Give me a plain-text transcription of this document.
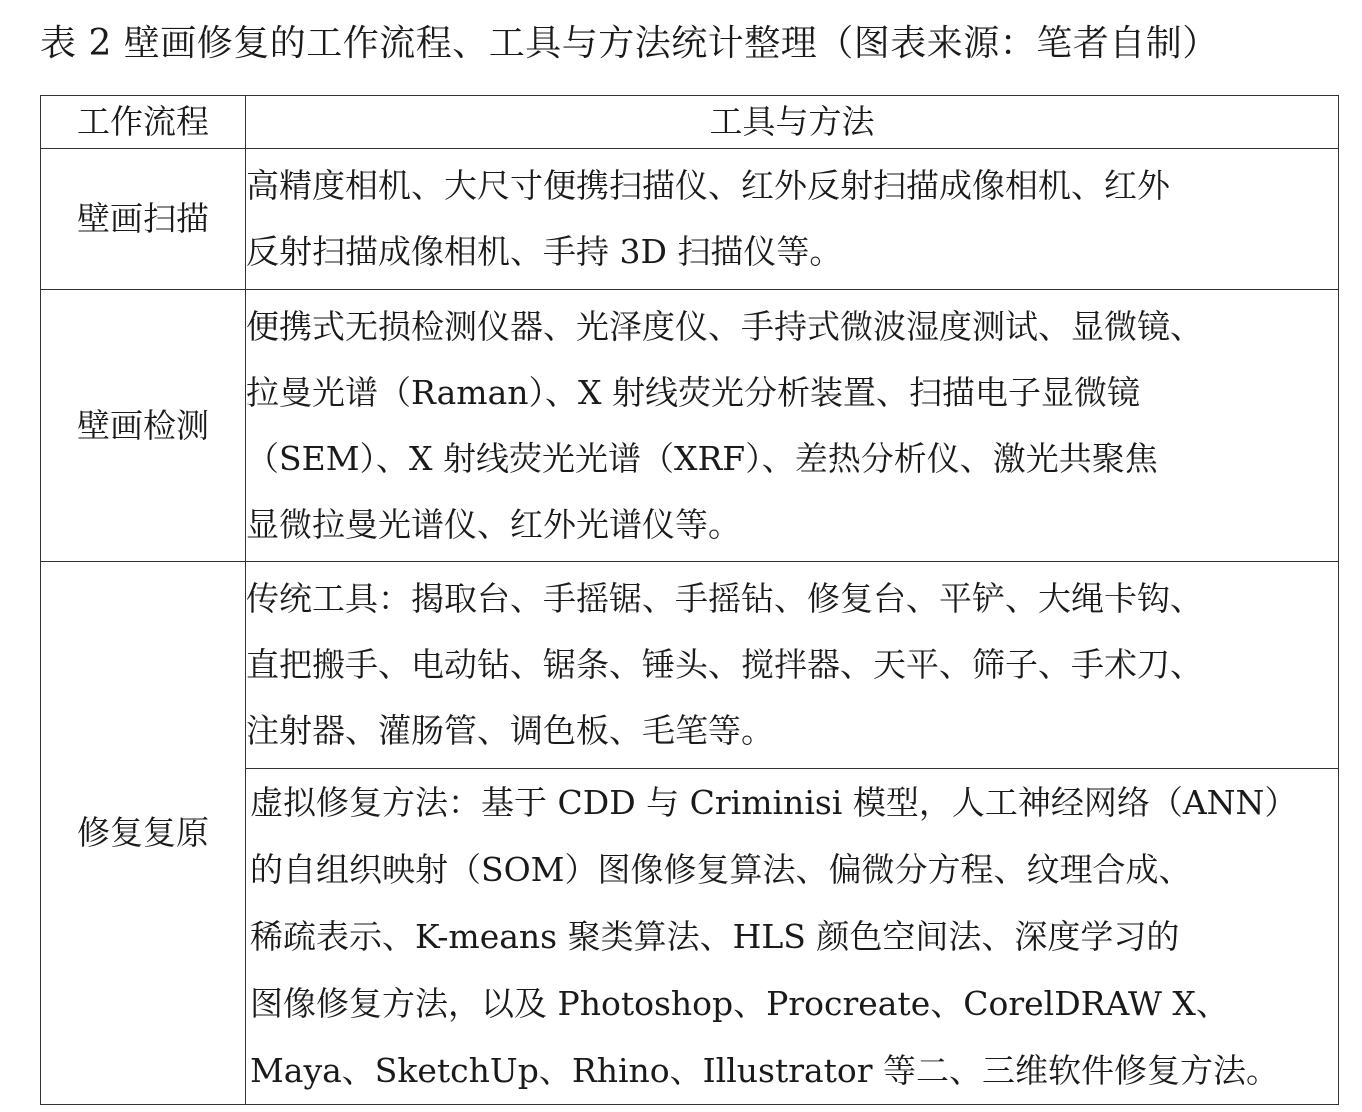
表 2 壁画修复的工作流程、工具与方法统计整理（图表来源：笔者自制）
工作流程	工具与方法
壁画扫描	高精度相机、大尺寸便携扫描仪、红外反射扫描成像相机、红外
反射扫描成像相机、手持 3D 扫描仪等。

壁画检测	便携式无损检测仪器、光泽度仪、手持式微波湿度测试、显微镜、
拉曼光谱（Raman）、X 射线荧光分析装置、扫描电子显微镜
（SEM）、X 射线荧光光谱（XRF）、差热分析仪、激光共聚焦
显微拉曼光谱仪、红外光谱仪等。

修复复原	传统工具：揭取台、手摇锯、手摇钻、修复台、平铲、大绳卡钩、
直把搬手、电动钻、锯条、锤头、搅拌器、天平、筛子、手术刀、
注射器、灌肠管、调色板、毛笔等。

	虚拟修复方法：基于 CDD 与 Criminisi 模型，人工神经网络（ANN）
的自组织映射（SOM）图像修复算法、偏微分方程、纹理合成、
稀疏表示、K-means 聚类算法、HLS 颜色空间法、深度学习的
图像修复方法，以及 Photoshop、Procreate、CorelDRAW X、
Maya、SketchUp、Rhino、Illustrator 等二、三维软件修复方法。
